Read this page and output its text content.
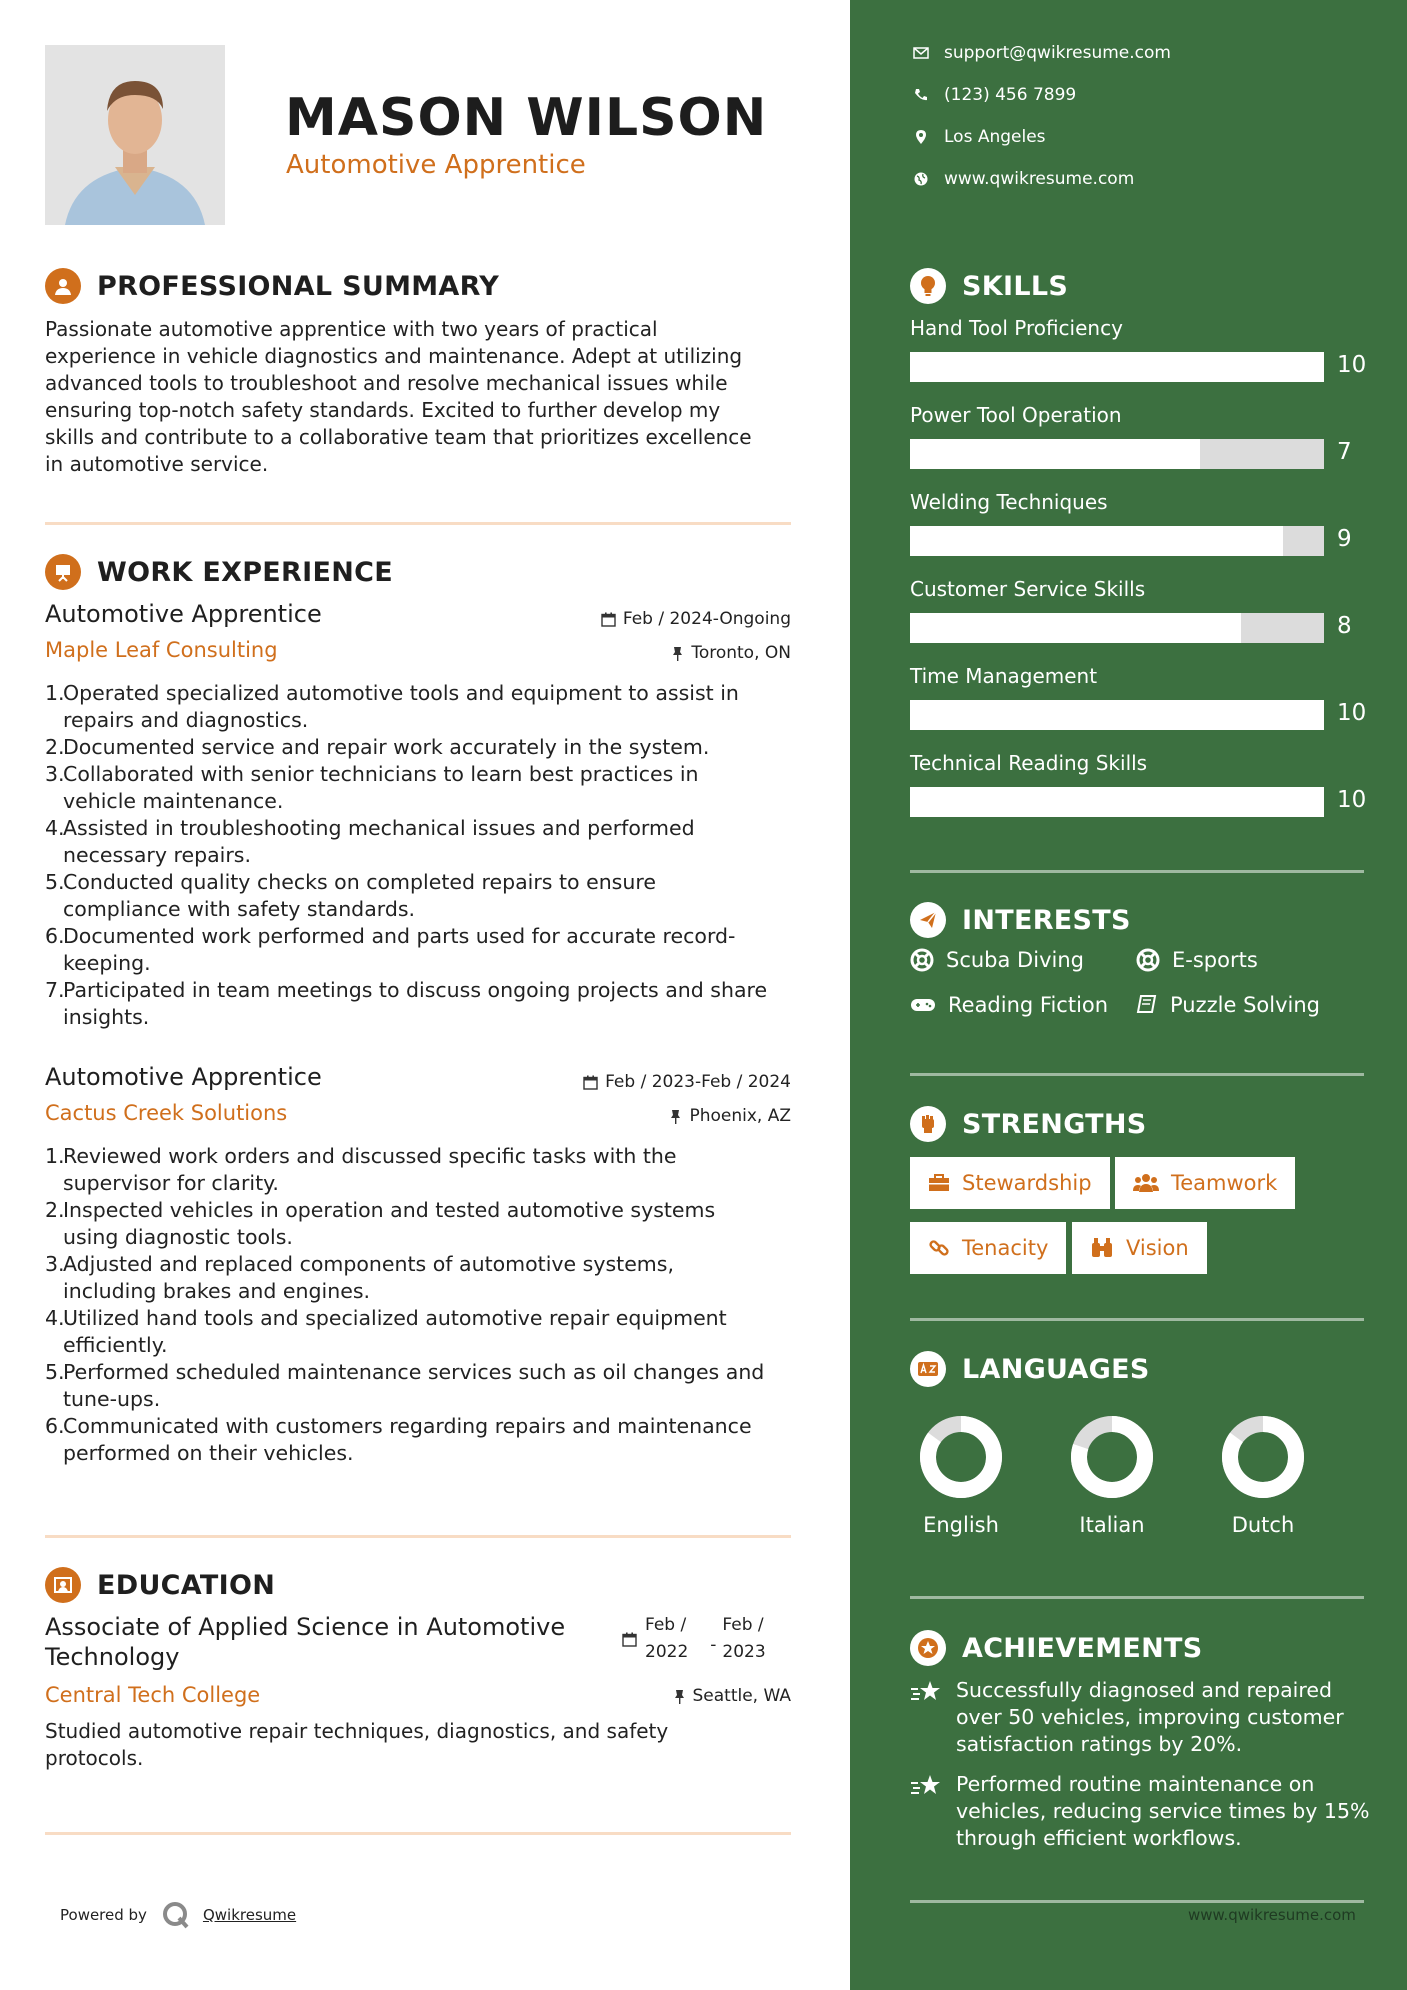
MASON WILSON
Automotive Apprentice
PROFESSIONAL SUMMARY
Passionate automotive apprentice with two years of practical
experience in vehicle diagnostics and maintenance. Adept at utilizing
advanced tools to troubleshoot and resolve mechanical issues while
ensuring top-notch safety standards. Excited to further develop my
skills and contribute to a collaborative team that prioritizes excellence
in automotive service.
WORK EXPERIENCE
Automotive Apprentice	Feb / 2024-Ongoing
Maple Leaf Consulting	Toronto, ON
1.
Operated specialized automotive tools and equipment to assist in
repairs and diagnostics.
2.
Documented service and repair work accurately in the system.
3.
Collaborated with senior technicians to learn best practices in
vehicle maintenance.
4.
Assisted in troubleshooting mechanical issues and performed
necessary repairs.
5.
Conducted quality checks on completed repairs to ensure
compliance with safety standards.
6.
Documented work performed and parts used for accurate record-
keeping.
7.
Participated in team meetings to discuss ongoing projects and share
insights.
Automotive Apprentice	Feb / 2023-Feb / 2024
Cactus Creek Solutions	Phoenix, AZ
1.
Reviewed work orders and discussed specific tasks with the
supervisor for clarity.
2.
Inspected vehicles in operation and tested automotive systems
using diagnostic tools.
3.
Adjusted and replaced components of automotive systems,
including brakes and engines.
4.
Utilized hand tools and specialized automotive repair equipment
efficiently.
5.
Performed scheduled maintenance services such as oil changes and
tune-ups.
6.
Communicated with customers regarding repairs and maintenance
performed on their vehicles.
EDUCATION
Associate of Applied Science in Automotive
Technology
Feb /
2022 -
Feb /
2023
Central Tech College	Seattle, WA
Studied automotive repair techniques, diagnostics, and safety
protocols.
Powered by	Qwikresume
support@qwikresume.com
(123) 456 7899
Los Angeles
www.qwikresume.com
SKILLS
Hand Tool Proficiency
10
Power Tool Operation
7
Welding Techniques
9
Customer Service Skills
8
Time Management
10
Technical Reading Skills
10
INTERESTS
Scuba Diving	E-sports
Reading Fiction	Puzzle Solving
STRENGTHS
Stewardship	Teamwork
Tenacity	Vision
LANGUAGES
English	Italian	Dutch
ACHIEVEMENTS
Successfully diagnosed and repaired
over 50 vehicles, improving customer
satisfaction ratings by 20%.
Performed routine maintenance on
vehicles, reducing service times by 15%
through efficient workflows.
www.qwikresume.com
